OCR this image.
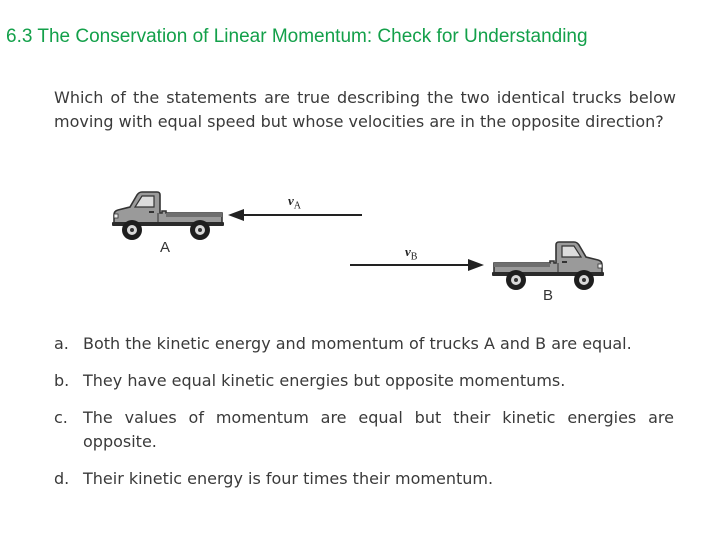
6.3 The Conservation of Linear Momentum: Check for Understanding
Which of the statements are true describing the two identical trucks below moving with equal speed but whose velocities are in the opposite direction?
A
$v_A$
$v_B$
B
a. Both the kinetic energy and momentum of trucks A and B are equal.
b. They have equal kinetic energies but opposite momentums.
c. The values of momentum are equal but their kinetic energies are opposite.
d. Their kinetic energy is four times their momentum.
